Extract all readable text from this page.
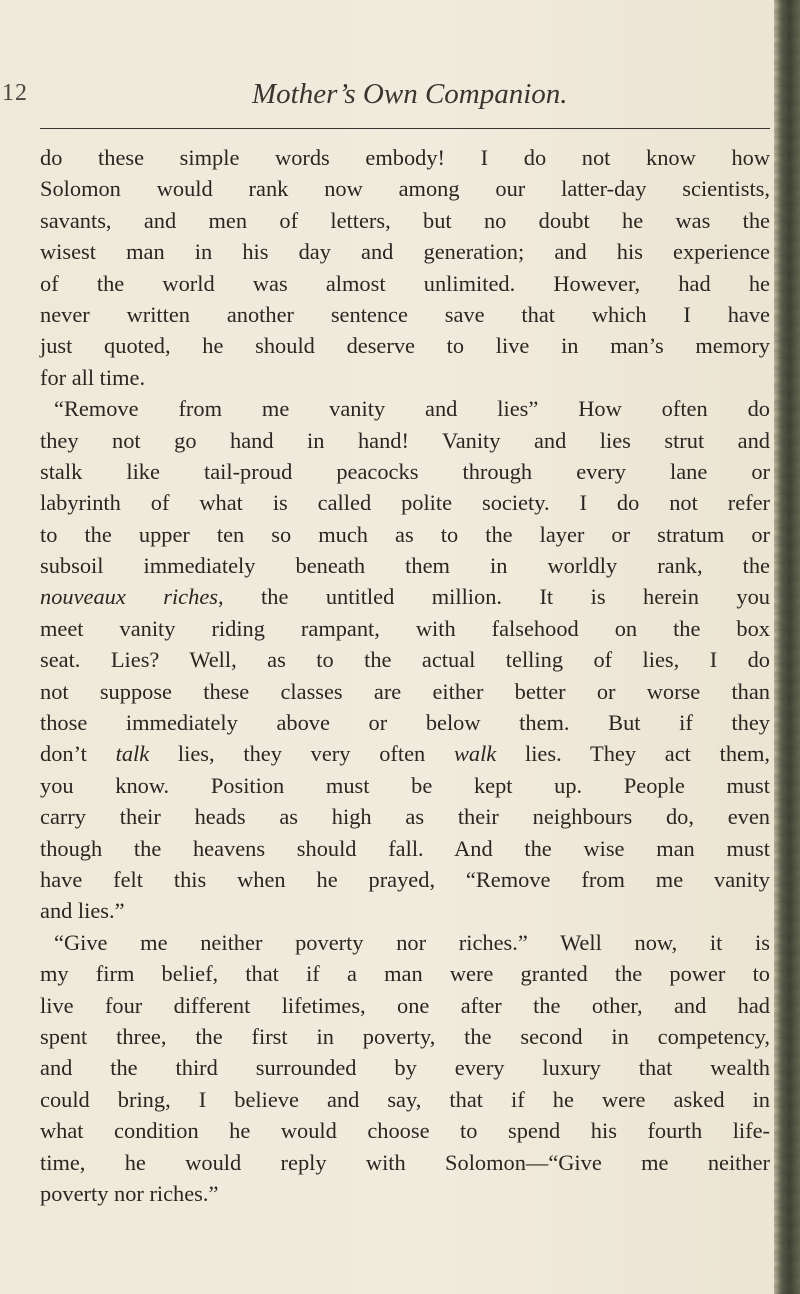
12	Mother’s Own Companion.
do these simple words embody! I do not know how
Solomon would rank now among our latter-day scientists,
savants, and men of letters, but no doubt he was the
wisest man in his day and generation; and his experience
of the world was almost unlimited. However, had he
never written another sentence save that which I have
just quoted, he should deserve to live in man’s memory
for all time.
“Remove from me vanity and lies” How often do
they not go hand in hand! Vanity and lies strut and
stalk like tail-proud peacocks through every lane or
labyrinth of what is called polite society. I do not refer
to the upper ten so much as to the layer or stratum or
subsoil immediately beneath them in worldly rank, the
nouveaux riches, the untitled million. It is herein you
meet vanity riding rampant, with falsehood on the box
seat. Lies? Well, as to the actual telling of lies, I do
not suppose these classes are either better or worse than
those immediately above or below them. But if they
don’t talk lies, they very often walk lies. They act them,
you know. Position must be kept up. People must
carry their heads as high as their neighbours do, even
though the heavens should fall. And the wise man must
have felt this when he prayed, “Remove from me vanity
and lies.”
“Give me neither poverty nor riches.” Well now, it is
my firm belief, that if a man were granted the power to
live four different lifetimes, one after the other, and had
spent three, the first in poverty, the second in competency,
and the third surrounded by every luxury that wealth
could bring, I believe and say, that if he were asked in
what condition he would choose to spend his fourth life-
time, he would reply with Solomon—“Give me neither
poverty nor riches.”
